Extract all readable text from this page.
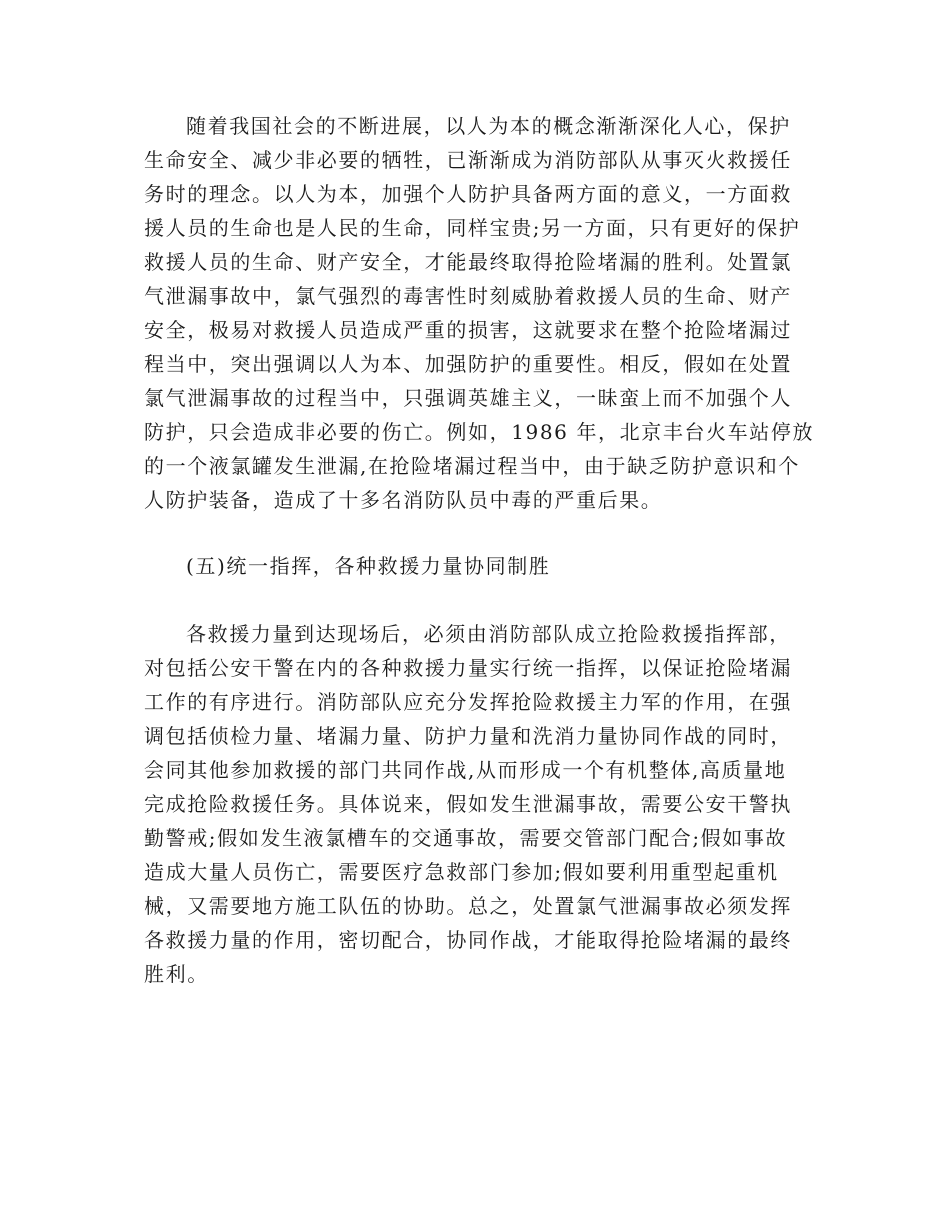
随着我国社会的不断进展，以人为本的概念渐渐深化人心，保护
生命安全、减少非必要的牺牲，已渐渐成为消防部队从事灭火救援任
务时的理念。以人为本，加强个人防护具备两方面的意义，一方面救
援人员的生命也是人民的生命，同样宝贵;另一方面，只有更好的保护
救援人员的生命、财产安全，才能最终取得抢险堵漏的胜利。处置氯
气泄漏事故中，氯气强烈的毒害性时刻威胁着救援人员的生命、财产
安全，极易对救援人员造成严重的损害，这就要求在整个抢险堵漏过
程当中，突出强调以人为本、加强防护的重要性。相反，假如在处置
氯气泄漏事故的过程当中，只强调英雄主义，一昧蛮上而不加强个人
防护，只会造成非必要的伤亡。例如，1986 年，北京丰台火车站停放
的一个液氯罐发生泄漏,在抢险堵漏过程当中，由于缺乏防护意识和个
人防护装备，造成了十多名消防队员中毒的严重后果。
(五)统一指挥，各种救援力量协同制胜
各救援力量到达现场后，必须由消防部队成立抢险救援指挥部，
对包括公安干警在内的各种救援力量实行统一指挥，以保证抢险堵漏
工作的有序进行。消防部队应充分发挥抢险救援主力军的作用，在强
调包括侦检力量、堵漏力量、防护力量和洗消力量协同作战的同时，
会同其他参加救援的部门共同作战,从而形成一个有机整体,高质量地
完成抢险救援任务。具体说来，假如发生泄漏事故，需要公安干警执
勤警戒;假如发生液氯槽车的交通事故，需要交管部门配合;假如事故
造成大量人员伤亡，需要医疗急救部门参加;假如要利用重型起重机
械，又需要地方施工队伍的协助。总之，处置氯气泄漏事故必须发挥
各救援力量的作用，密切配合，协同作战，才能取得抢险堵漏的最终
胜利。
